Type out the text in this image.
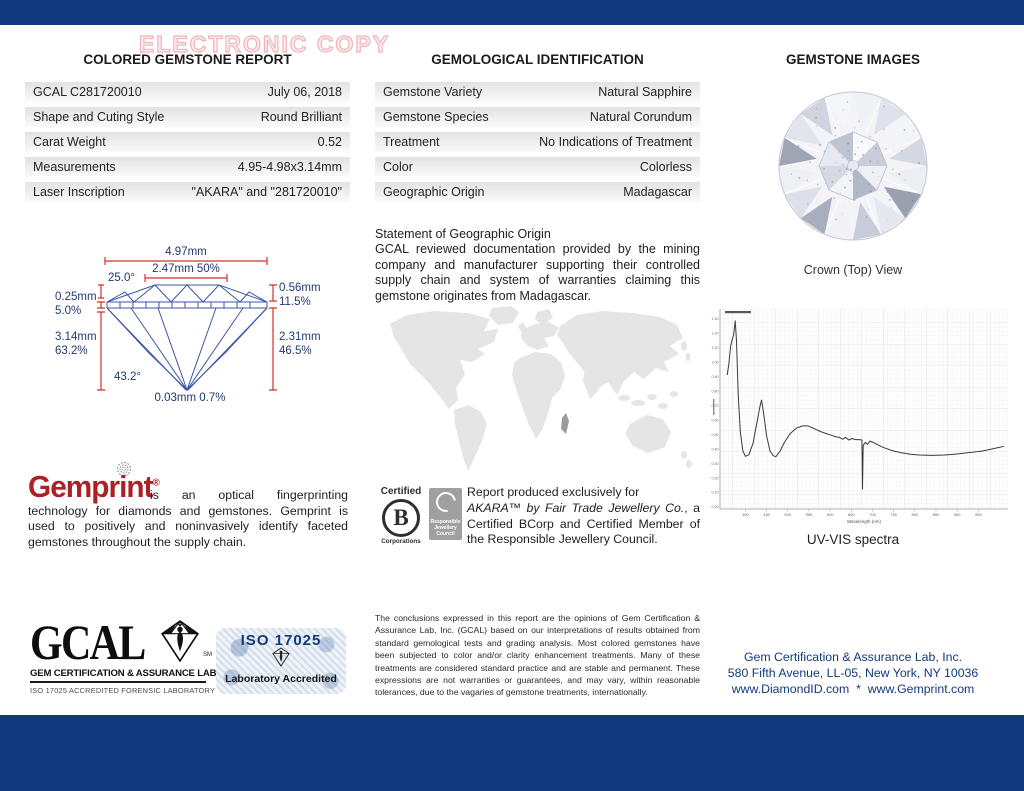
ELECTRONIC COPY
COLORED GEMSTONE REPORT	GEMOLOGICAL IDENTIFICATION	GEMSTONE IMAGES
GCAL C281720010	July 06, 2018
Shape and Cuting Style	Round Brilliant
Carat Weight	0.52
Measurements	4.95-4.98x3.14mm
Laser Inscription	"AKARA" and "281720010"
Gemstone Variety	Natural Sapphire
Gemstone Species	Natural Corundum
Treatment	No Indications of Treatment
Color	Colorless
Geographic Origin	Madagascar
4.97mm
2.47mm 50%
25.0°
0.25mm
5.0%
3.14mm
63.2%
0.56mm
11.5%
2.31mm
46.5%
43.2°
0.03mm 0.7%
Statement of Geographic Origin
GCAL reviewed documentation provided by the mining company and manufacturer supporting their controlled supply chain and system of warranties claiming this gemstone originates from Madagascar.
Certified
B
Corporations
Responsible Jewellery Council

Report produced exclusively for
AKARA™ by Fair Trade Jewellery Co., a Certified BCorp and Certified Member of the Responsible Jewellery Council.

The conclusions expressed in this report are the opinions of Gem Certification & Assurance Lab, Inc. (GCAL) based on our interpretations of results obtained from standard gemological tests and grading analysis. Most colored gemstones have been subjected to color and/or clarity enhancement treatments. Many of these treatments are considered standard practice and are stable and permanent. These expressions are not warranties or guarantees, and may vary, within reasonable tolerances, due to the vagaries of gemstone treatments, internationally.
Gemprint®

is an optical fingerprinting technology for diamonds and gemstones. Gemprint is used to positively and noninvasively identify faceted gemstones throughout the supply chain.

GCAL	SM
GEM CERTIFICATION & ASSURANCE LAB
ISO 17025 ACCREDITED FORENSIC LABORATORY
ISO 17025
Laboratory Accredited
Crown (Top) View
400	450	500	550	600	650	700	750	800	850	900	950
1.30
1.20
1.10
1.00
0.90
0.80
0.70
0.60
0.50
0.40
0.30
0.20
0.10
0.00
Wavelength (nm)
UV-VIS spectra
Gem Certification & Assurance Lab, Inc.
580 Fifth Avenue, LL-05, New York, NY 10036
www.DiamondID.com  *  www.Gemprint.com
